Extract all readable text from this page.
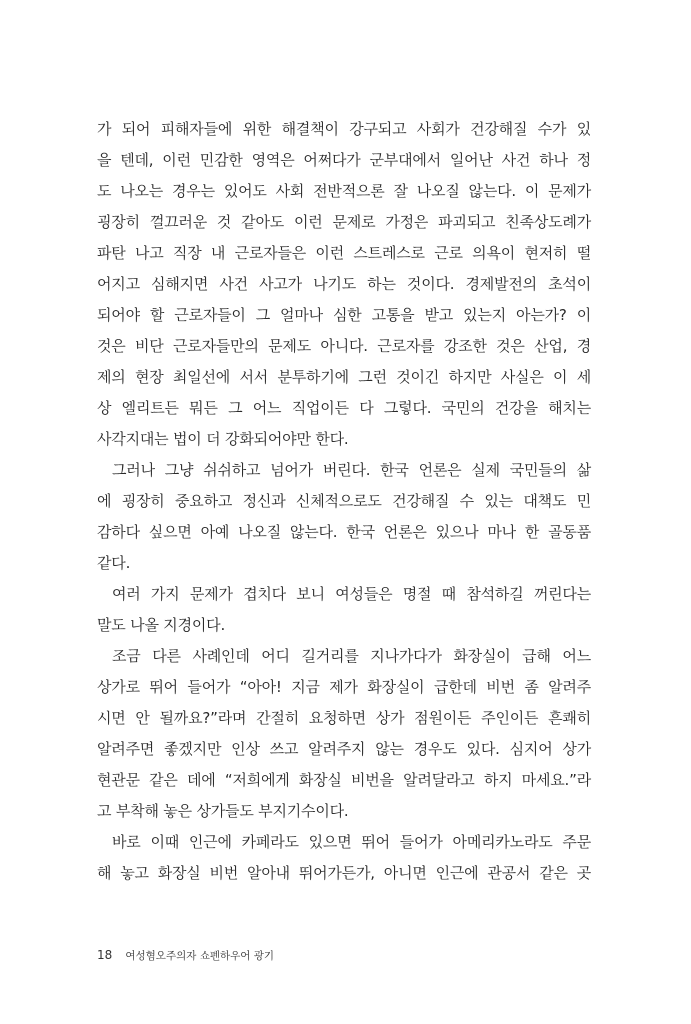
가 되어 피해자들에 위한 해결책이 강구되고 사회가 건강해질 수가 있
을 텐데, 이런 민감한 영역은 어쩌다가 군부대에서 일어난 사건 하나 정
도 나오는 경우는 있어도 사회 전반적으론 잘 나오질 않는다. 이 문제가
굉장히 껄끄러운 것 같아도 이런 문제로 가정은 파괴되고 친족상도례가
파탄 나고 직장 내 근로자들은 이런 스트레스로 근로 의욕이 현저히 떨
어지고 심해지면 사건 사고가 나기도 하는 것이다. 경제발전의 초석이
되어야 할 근로자들이 그 얼마나 심한 고통을 받고 있는지 아는가? 이
것은 비단 근로자들만의 문제도 아니다. 근로자를 강조한 것은 산업, 경
제의 현장 최일선에 서서 분투하기에 그런 것이긴 하지만 사실은 이 세
상 엘리트든 뭐든 그 어느 직업이든 다 그렇다. 국민의 건강을 해치는
사각지대는 법이 더 강화되어야만 한다.
그러나 그냥 쉬쉬하고 넘어가 버린다. 한국 언론은 실제 국민들의 삶
에 굉장히 중요하고 정신과 신체적으로도 건강해질 수 있는 대책도 민
감하다 싶으면 아예 나오질 않는다. 한국 언론은 있으나 마나 한 골동품
같다.
여러 가지 문제가 겹치다 보니 여성들은 명절 때 참석하길 꺼린다는
말도 나올 지경이다.
조금 다른 사례인데 어디 길거리를 지나가다가 화장실이 급해 어느
상가로 뛰어 들어가 “아아! 지금 제가 화장실이 급한데 비번 좀 알려주
시면 안 될까요?”라며 간절히 요청하면 상가 점원이든 주인이든 흔쾌히
알려주면 좋겠지만 인상 쓰고 알려주지 않는 경우도 있다. 심지어 상가
현관문 같은 데에 “저희에게 화장실 비번을 알려달라고 하지 마세요.”라
고 부착해 놓은 상가들도 부지기수이다.
바로 이때 인근에 카페라도 있으면 뛰어 들어가 아메리카노라도 주문
해 놓고 화장실 비번 알아내 뛰어가든가, 아니면 인근에 관공서 같은 곳
18 여성혐오주의자 쇼펜하우어 광기
